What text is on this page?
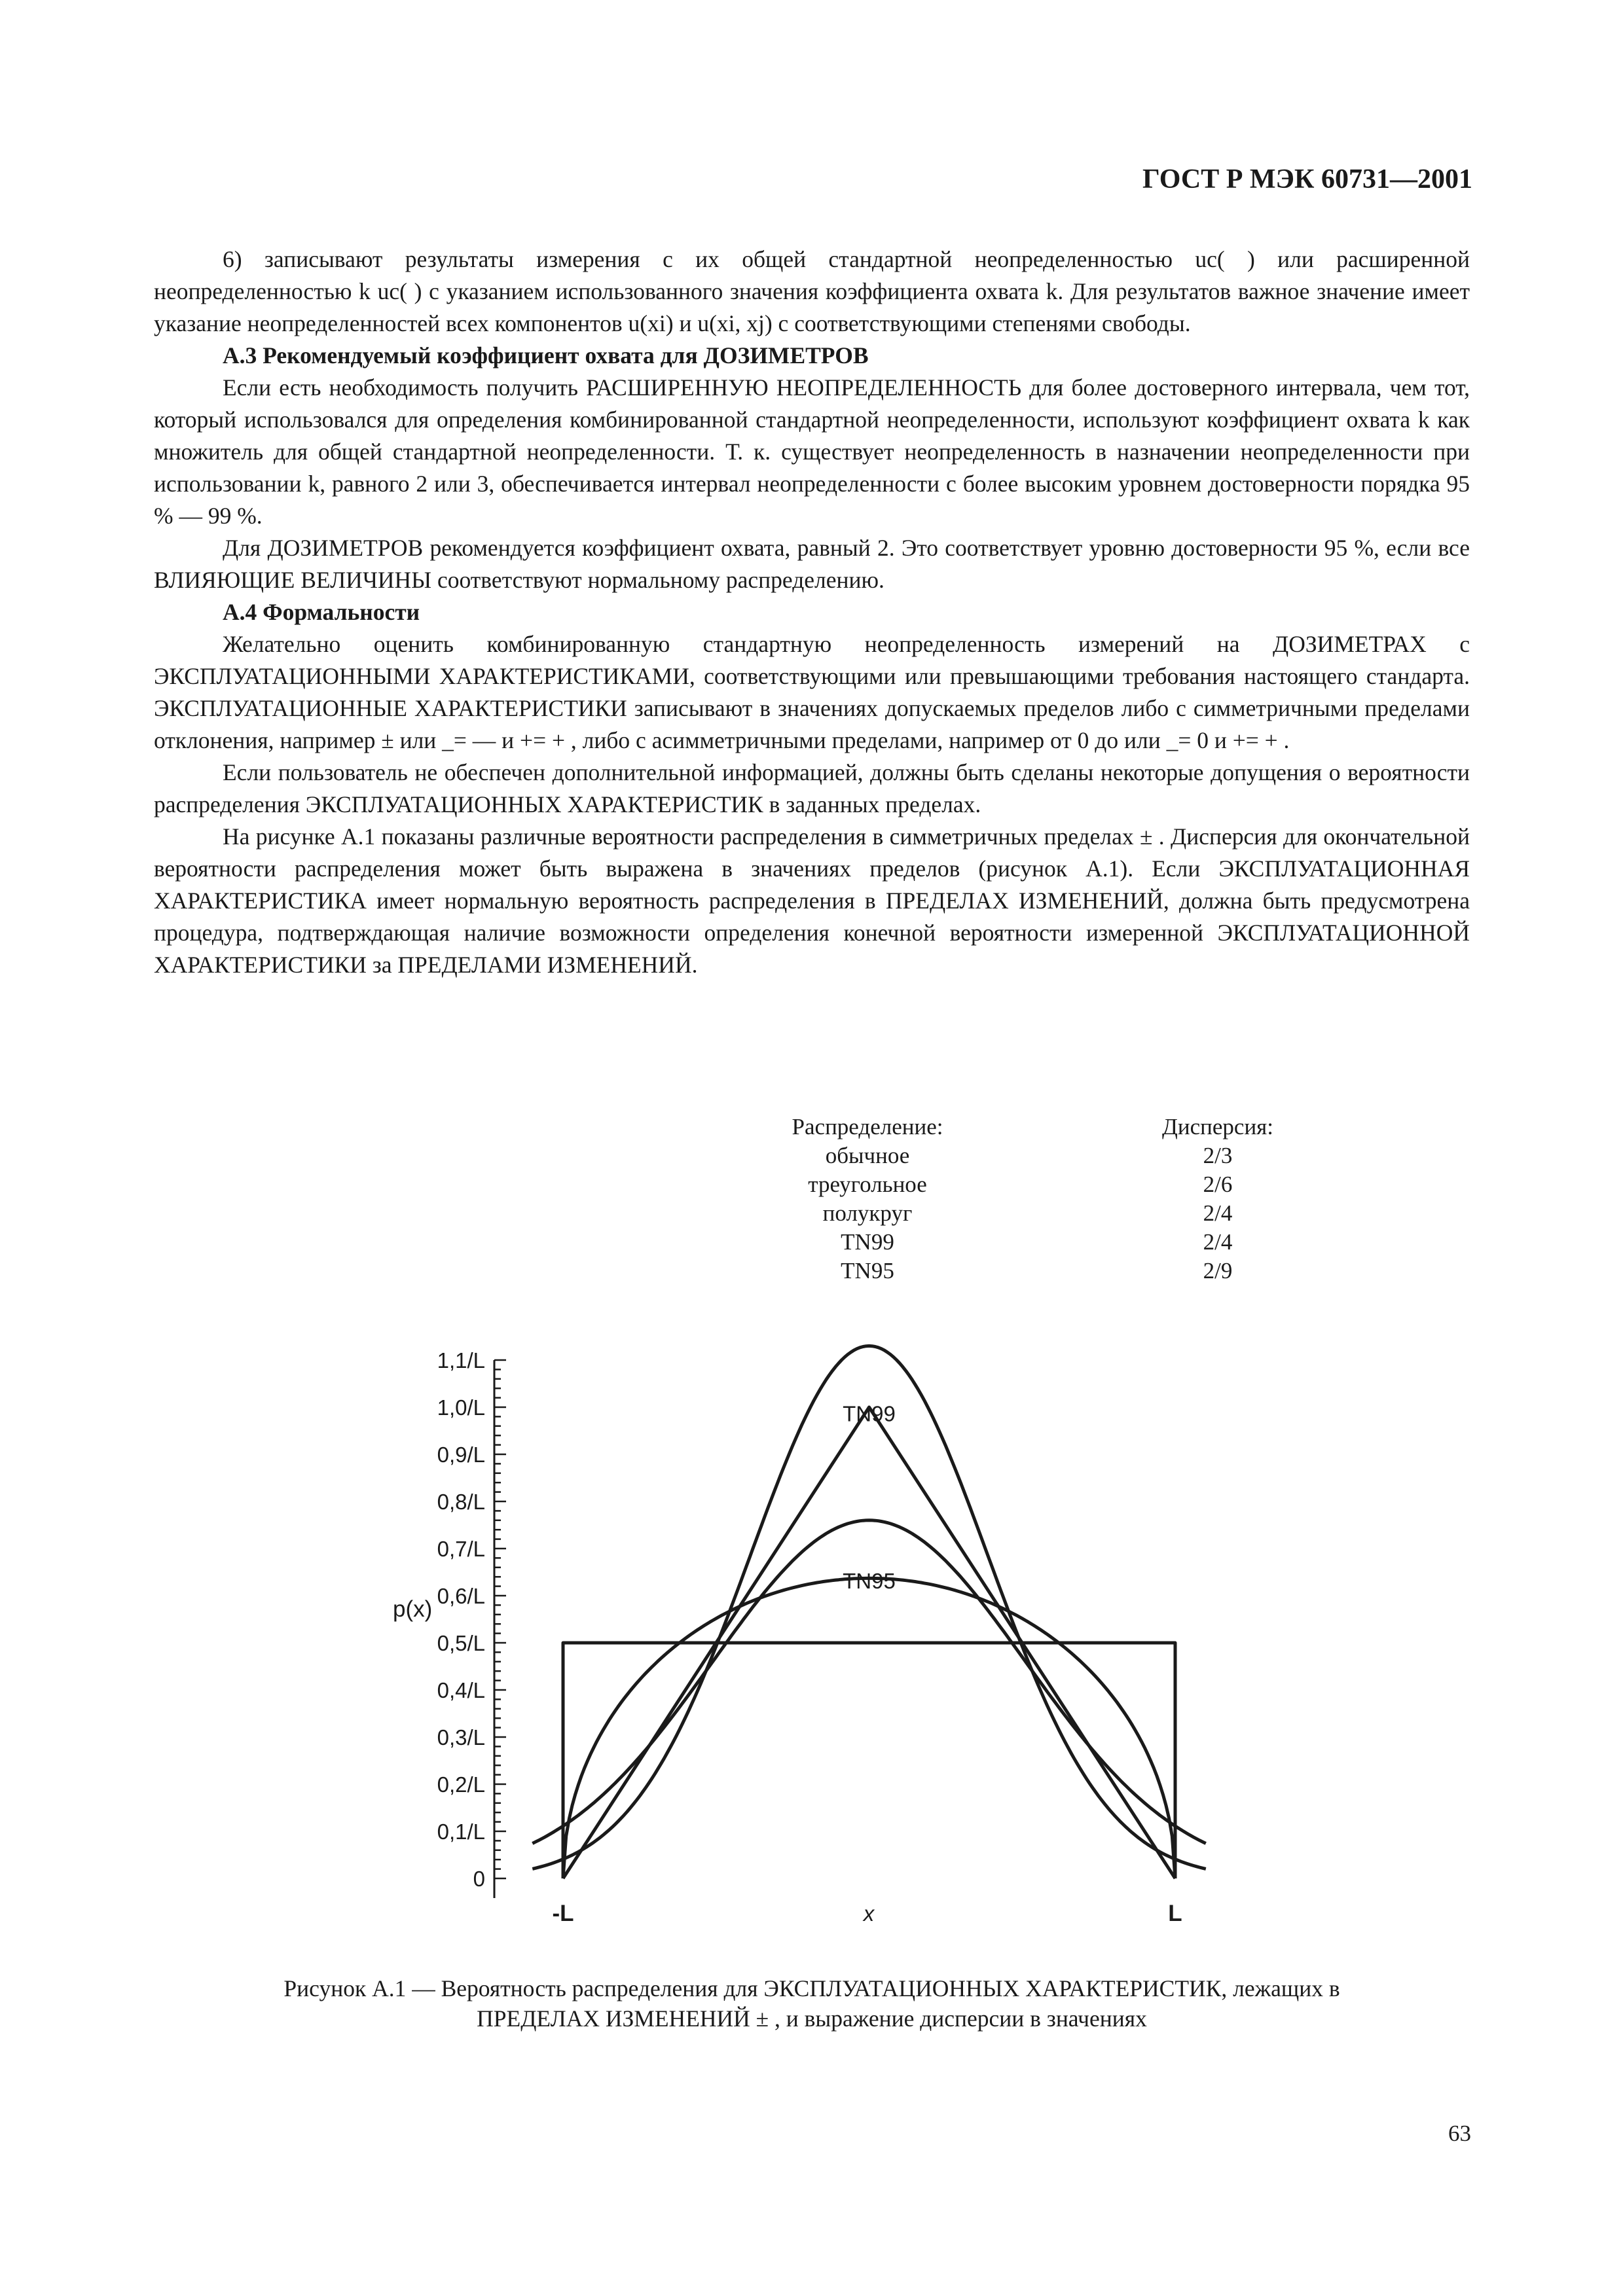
ГОСТ Р МЭК 60731—2001

6) записывают результаты измерения с их общей стандартной неопределенностью uc( ) или расширенной неопределенностью k uc( ) с указанием использованного значения коэффициента охвата k. Для результатов важное значение имеет указание неопределенностей всех компонентов u(xi) и u(xi, xj) с соответствующими степенями свободы.

А.3 Рекомендуемый коэффициент охвата для ДОЗИМЕТРОВ

Если есть необходимость получить РАСШИРЕННУЮ НЕОПРЕДЕЛЕННОСТЬ для более достоверного интервала, чем тот, который использовался для определения комбинированной стандартной неопределенности, используют коэффициент охвата k как множитель для общей стандартной неопределенности. Т. к. существует неопределенность в назначении неопределенности при использовании k, равного 2 или 3, обеспечивается интервал неопределенности с более высоким уровнем достоверности порядка 95 % — 99 %.

Для ДОЗИМЕТРОВ рекомендуется коэффициент охвата, равный 2. Это соответствует уровню достоверности 95 %, если все ВЛИЯЮЩИЕ ВЕЛИЧИНЫ соответствуют нормальному распределению.

А.4 Формальности

Желательно оценить комбинированную стандартную неопределенность измерений на ДОЗИМЕТРАХ с ЭКСПЛУАТАЦИОННЫМИ ХАРАКТЕРИСТИКАМИ, соответствующими или превышающими требования настоящего стандарта. ЭКСПЛУАТАЦИОННЫЕ ХАРАКТЕРИСТИКИ записывают в значениях допускаемых пределов либо с симметричными пределами отклонения, например ± или _= — и += + , либо с асимметричными пределами, например от 0 до или _= 0 и += + .

Если пользователь не обеспечен дополнительной информацией, должны быть сделаны некоторые допущения о вероятности распределения ЭКСПЛУАТАЦИОННЫХ ХАРАКТЕРИСТИК в заданных пределах.

На рисунке А.1 показаны различные вероятности распределения в симметричных пределах ± . Дисперсия для окончательной вероятности распределения может быть выражена в значениях пределов (рисунок А.1). Если ЭКСПЛУАТАЦИОННАЯ ХАРАКТЕРИСТИКА имеет нормальную вероятность распределения в ПРЕДЕЛАХ ИЗМЕНЕНИЙ, должна быть предусмотрена процедура, подтверждающая наличие возможности определения конечной вероятности измеренной ЭКСПЛУАТАЦИОННОЙ ХАРАКТЕРИСТИКИ за ПРЕДЕЛАМИ ИЗМЕНЕНИЙ.

Распределение:
обычное
треугольное
полукруг
TN99
TN95
Дисперсия:
2/3
2/6
2/4
2/4
2/9
0
0,1/L
0,2/L
0,3/L
0,4/L
0,5/L
0,6/L
0,7/L
0,8/L
0,9/L
1,0/L
1,1/L
p(x)
x
-L	L
TN99
TN95
Рисунок А.1 — Вероятность распределения для ЭКСПЛУАТАЦИОННЫХ ХАРАКТЕРИСТИК, лежащих в
ПРЕДЕЛАХ ИЗМЕНЕНИЙ ± , и выражение дисперсии в значениях
63
